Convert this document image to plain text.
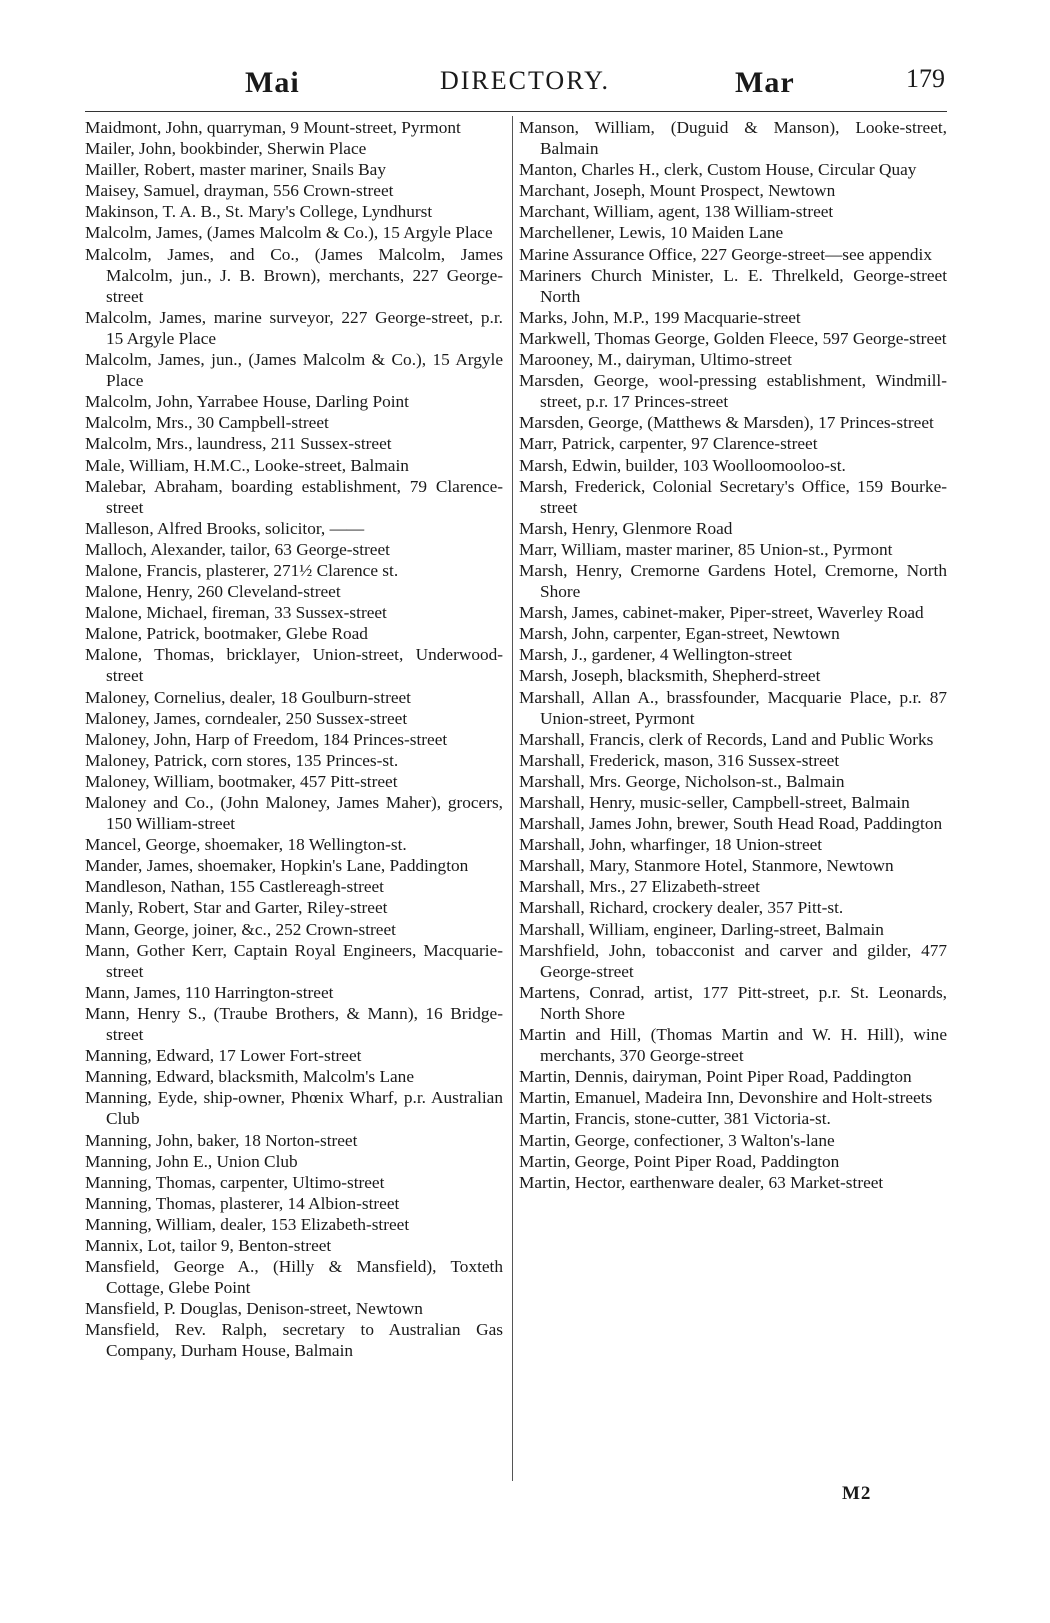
Mai	DIRECTORY.	Mar	179

Maidmont, John, quarryman, 9 Mount-street, Pyrmont

Mailer, John, bookbinder, Sherwin Place

Mailler, Robert, master mariner, Snails Bay

Maisey, Samuel, drayman, 556 Crown-street

Makinson, T. A. B., St. Mary's College, Lyndhurst

Malcolm, James, (James Malcolm & Co.), 15 Argyle Place

Malcolm, James, and Co., (James Malcolm, James Malcolm, jun., J. B. Brown), merchants, 227 George-street

Malcolm, James, marine surveyor, 227 George-street, p.r. 15 Argyle Place

Malcolm, James, jun., (James Malcolm & Co.), 15 Argyle Place

Malcolm, John, Yarrabee House, Darling Point

Malcolm, Mrs., 30 Campbell-street

Malcolm, Mrs., laundress, 211 Sussex-street

Male, William, H.M.C., Looke-street, Balmain

Malebar, Abraham, boarding establishment, 79 Clarence-street

Malleson, Alfred Brooks, solicitor, ——

Malloch, Alexander, tailor, 63 George-street

Malone, Francis, plasterer, 271½ Clarence st.

Malone, Henry, 260 Cleveland-street

Malone, Michael, fireman, 33 Sussex-street

Malone, Patrick, bootmaker, Glebe Road

Malone, Thomas, bricklayer, Union-street, Underwood-street

Maloney, Cornelius, dealer, 18 Goulburn-street

Maloney, James, corndealer, 250 Sussex-street

Maloney, John, Harp of Freedom, 184 Princes-street

Maloney, Patrick, corn stores, 135 Princes-st.

Maloney, William, bootmaker, 457 Pitt-street

Maloney and Co., (John Maloney, James Maher), grocers, 150 William-street

Mancel, George, shoemaker, 18 Wellington-st.

Mander, James, shoemaker, Hopkin's Lane, Paddington

Mandleson, Nathan, 155 Castlereagh-street

Manly, Robert, Star and Garter, Riley-street

Mann, George, joiner, &c., 252 Crown-street

Mann, Gother Kerr, Captain Royal Engineers, Macquarie-street

Mann, James, 110 Harrington-street

Mann, Henry S., (Traube Brothers, & Mann), 16 Bridge-street

Manning, Edward, 17 Lower Fort-street

Manning, Edward, blacksmith, Malcolm's Lane

Manning, Eyde, ship-owner, Phœnix Wharf, p.r. Australian Club

Manning, John, baker, 18 Norton-street

Manning, John E., Union Club

Manning, Thomas, carpenter, Ultimo-street

Manning, Thomas, plasterer, 14 Albion-street

Manning, William, dealer, 153 Elizabeth-street

Mannix, Lot, tailor 9, Benton-street

Mansfield, George A., (Hilly & Mansfield), Toxteth Cottage, Glebe Point

Mansfield, P. Douglas, Denison-street, Newtown

Mansfield, Rev. Ralph, secretary to Australian Gas Company, Durham House, Balmain

Manson, William, (Duguid & Manson), Looke-street, Balmain

Manton, Charles H., clerk, Custom House, Circular Quay

Marchant, Joseph, Mount Prospect, Newtown

Marchant, William, agent, 138 William-street

Marchellener, Lewis, 10 Maiden Lane

Marine Assurance Office, 227 George-street—see appendix

Mariners Church Minister, L. E. Threlkeld, George-street North

Marks, John, M.P., 199 Macquarie-street

Markwell, Thomas George, Golden Fleece, 597 George-street

Marooney, M., dairyman, Ultimo-street

Marsden, George, wool-pressing establishment, Windmill-street, p.r. 17 Princes-street

Marsden, George, (Matthews & Marsden), 17 Princes-street

Marr, Patrick, carpenter, 97 Clarence-street

Marsh, Edwin, builder, 103 Woolloomooloo-st.

Marsh, Frederick, Colonial Secretary's Office, 159 Bourke-street

Marsh, Henry, Glenmore Road

Marr, William, master mariner, 85 Union-st., Pyrmont

Marsh, Henry, Cremorne Gardens Hotel, Cremorne, North Shore

Marsh, James, cabinet-maker, Piper-street, Waverley Road

Marsh, John, carpenter, Egan-street, Newtown

Marsh, J., gardener, 4 Wellington-street

Marsh, Joseph, blacksmith, Shepherd-street

Marshall, Allan A., brassfounder, Macquarie Place, p.r. 87 Union-street, Pyrmont

Marshall, Francis, clerk of Records, Land and Public Works

Marshall, Frederick, mason, 316 Sussex-street

Marshall, Mrs. George, Nicholson-st., Balmain

Marshall, Henry, music-seller, Campbell-street, Balmain

Marshall, James John, brewer, South Head Road, Paddington

Marshall, John, wharfinger, 18 Union-street

Marshall, Mary, Stanmore Hotel, Stanmore, Newtown

Marshall, Mrs., 27 Elizabeth-street

Marshall, Richard, crockery dealer, 357 Pitt-st.

Marshall, William, engineer, Darling-street, Balmain

Marshfield, John, tobacconist and carver and gilder, 477 George-street

Martens, Conrad, artist, 177 Pitt-street, p.r. St. Leonards, North Shore

Martin and Hill, (Thomas Martin and W. H. Hill), wine merchants, 370 George-street

Martin, Dennis, dairyman, Point Piper Road, Paddington

Martin, Emanuel, Madeira Inn, Devonshire and Holt-streets

Martin, Francis, stone-cutter, 381 Victoria-st.

Martin, George, confectioner, 3 Walton's-lane

Martin, George, Point Piper Road, Paddington

Martin, Hector, earthenware dealer, 63 Market-street

M2
